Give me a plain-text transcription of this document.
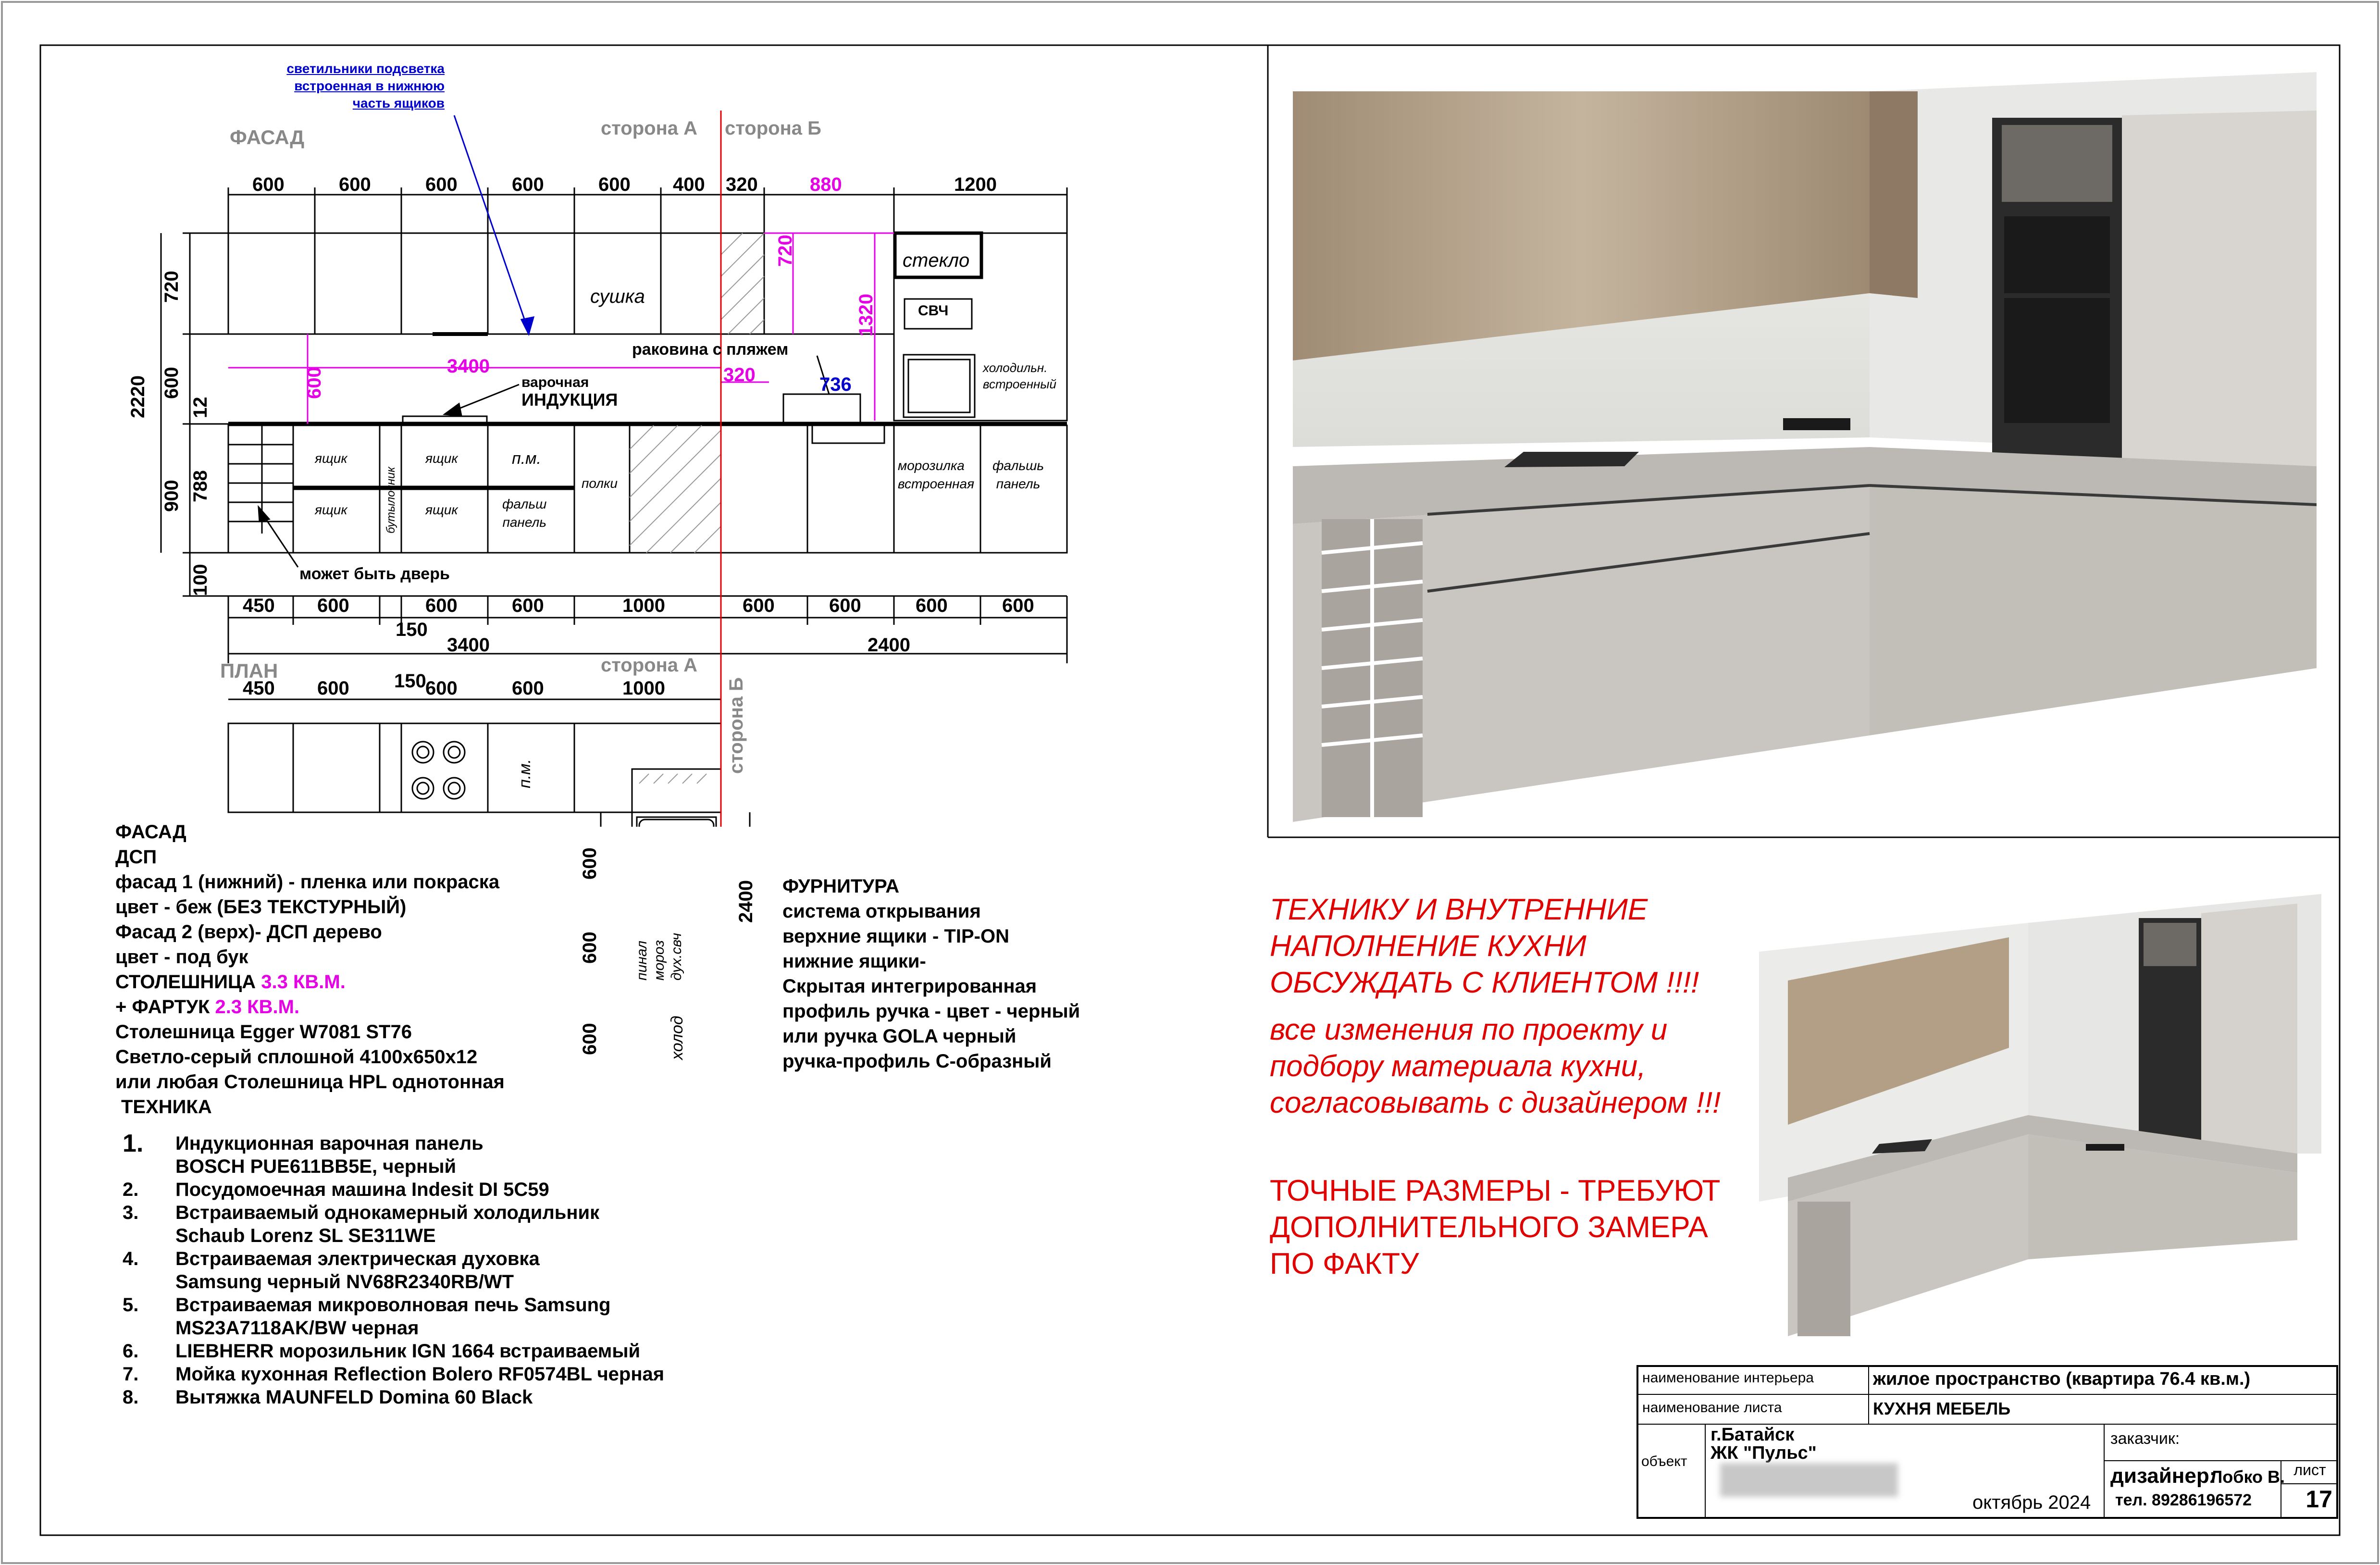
светильники подсветка
встроенная в нижнюю
часть ящиков
ФАСАД	сторона А сторона Б
600	600	600	600	600 400 320	880	1200
стекло
СВЧ
сушка
раковина с пляжем
холодильн.
встроенный
варочная
ИНДУКЦИЯ
3400	320	736
720
1320
600
720
600
12
2220
900 788
100
ящик	ящик
ящик	ящик
бутылочник
п.м.
фальш
панель
полки
морозилка
встроенная
фальшь
панель
может быть дверь
450 600	600	600	1000	600	600	600	600
150
3400	2400
ПЛАН	сторона А
сторона Б
450 600	600	600	1000
150
п.м.
600
600
600
2400
пинал мороз дух.свч
холод
ФАСАД
ДСП
фасад 1 (нижний) - пленка или покраска
цвет - беж (БЕЗ ТЕКСТУРНЫЙ)
Фасад 2 (верх)- ДСП дерево
цвет - под бук
СТОЛЕШНИЦА 3.3 КВ.М.
+ ФАРТУК 2.3 КВ.М.
Столешница Egger W7081 ST76
Светло-серый сплошной 4100х650х12
или любая Столешница HPL однотонная
ТЕХНИКА
1.	Индукционная варочная панель
BOSCH PUE611BB5E, черный
2.	Посудомоечная машина Indesit DI 5C59
3.	Встраиваемый однокамерный холодильник
Schaub Lorenz SL SE311WE
4.	Встраиваемая электрическая духовка
Samsung черный NV68R2340RB/WT
5.	Встраиваемая микроволновая печь Samsung
MS23A7118AK/BW черная
6.	LIEBHERR морозильник IGN 1664 встраиваемый
7.	Мойка кухонная Reflection Bolero RF0574BL черная
8.	Вытяжка MAUNFELD Domina 60 Black
ФУРНИТУРА
система открывания
верхние ящики - TIP-ON
нижние ящики-
Скрытая интегрированная
профиль ручка - цвет - черный
или ручка GOLA черный
ручка-профиль С-образный
ТЕХНИКУ И ВНУТРЕННИЕ
НАПОЛНЕНИЕ КУХНИ
ОБСУЖДАТЬ С КЛИЕНТОМ !!!!
все изменения по проекту и
подбору материала кухни,
согласовывать с дизайнером !!!
ТОЧНЫЕ РАЗМЕРЫ - ТРЕБУЮТ
ДОПОЛНИТЕЛЬНОГО ЗАМЕРА
ПО ФАКТУ
наименование интерьера	жилое пространство (квартира 76.4 кв.м.)
наименование листа	КУХНЯ МЕБЕЛЬ
объект
г.Батайск
ЖК "Пульс"
октябрь 2024
заказчик:
дизайнер:
Лобко В.
тел. 89286196572
лист
17
